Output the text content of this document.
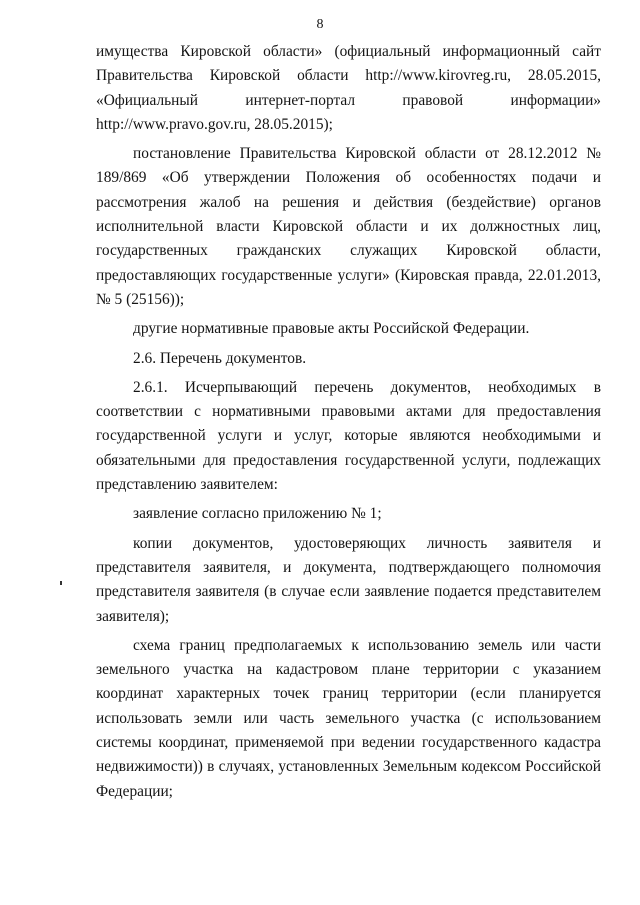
8

имущества Кировской области» (официальный информационный сайт Правительства Кировской области http://www.kirovreg.ru, 28.05.2015, «Официальный интернет-портал правовой информации» http://www.pravo.gov.ru, 28.05.2015);

постановление Правительства Кировской области от 28.12.2012 № 189/869 «Об утверждении Положения об особенностях подачи и рассмотрения жалоб на решения и действия (бездействие) органов исполнительной власти Кировской области и их должностных лиц, государственных гражданских служащих Кировской области, предоставляющих государственные услуги» (Кировская правда, 22.01.2013, № 5 (25156));

другие нормативные правовые акты Российской Федерации.

2.6. Перечень документов.

2.6.1. Исчерпывающий перечень документов, необходимых в соответствии с нормативными правовыми актами для предоставления государственной услуги и услуг, которые являются необходимыми и обязательными для предоставления государственной услуги, подлежащих представлению заявителем:

заявление согласно приложению № 1;

копии документов, удостоверяющих личность заявителя и представителя заявителя, и документа, подтверждающего полномочия представителя заявителя (в случае если заявление подается представителем заявителя);

схема границ предполагаемых к использованию земель или части земельного участка на кадастровом плане территории с указанием координат характерных точек границ территории (если планируется использовать земли или часть земельного участка (с использованием системы координат, применяемой при ведении государственного кадастра недвижимости)) в случаях, установленных Земельным кодексом Российской Федерации;
